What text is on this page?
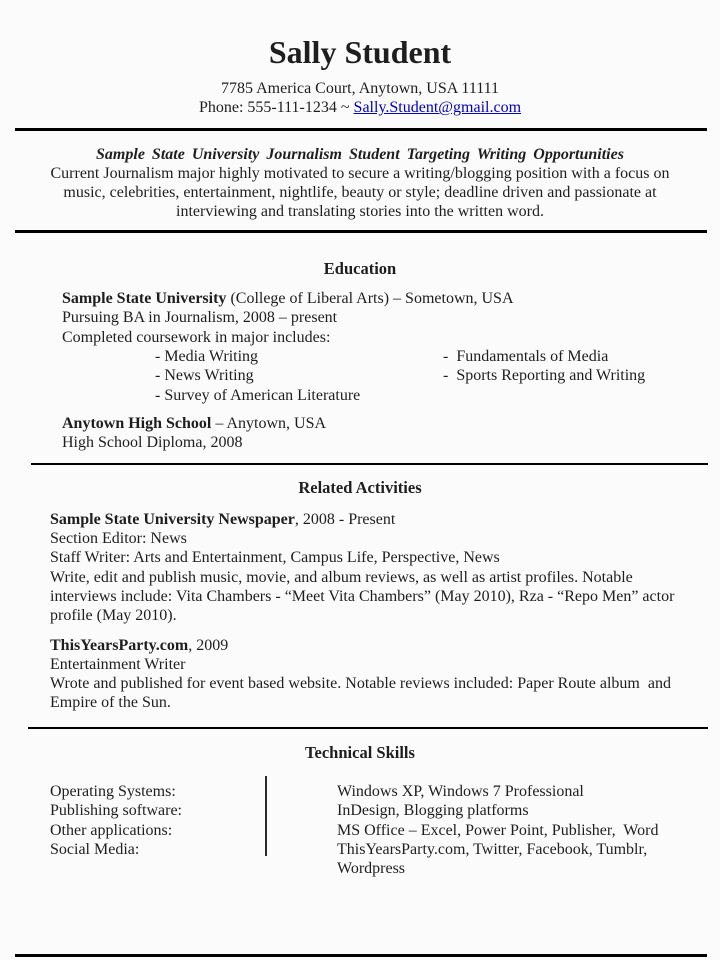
Sally Student
7785 America Court, Anytown, USA 11111
Phone: 555-111-1234 ~ Sally.Student@gmail.com
Sample State University Journalism Student Targeting Writing Opportunities
Current Journalism major highly motivated to secure a writing/blogging position with a focus on
music, celebrities, entertainment, nightlife, beauty or style; deadline driven and passionate at
interviewing and translating stories into the written word.
Education
Sample State University (College of Liberal Arts) – Sometown, USA
Pursuing BA in Journalism, 2008 – present
Completed coursework in major includes:
- Media Writing
- News Writing
- Survey of American Literature
-  Fundamentals of Media
-  Sports Reporting and Writing
Anytown High School – Anytown, USA
High School Diploma, 2008
Related Activities
Sample State University Newspaper, 2008 - Present
Section Editor: News
Staff Writer: Arts and Entertainment, Campus Life, Perspective, News
Write, edit and publish music, movie, and album reviews, as well as artist profiles. Notable
interviews include: Vita Chambers - “Meet Vita Chambers” (May 2010), Rza - “Repo Men” actor
profile (May 2010).
ThisYearsParty.com, 2009
Entertainment Writer
Wrote and published for event based website. Notable reviews included: Paper Route album  and
Empire of the Sun.
Technical Skills
Operating Systems:	Windows XP, Windows 7 Professional
Publishing software:	InDesign, Blogging platforms
Other applications:	MS Office – Excel, Power Point, Publisher,  Word
Social Media:	ThisYearsParty.com, Twitter, Facebook, Tumblr,
Wordpress
